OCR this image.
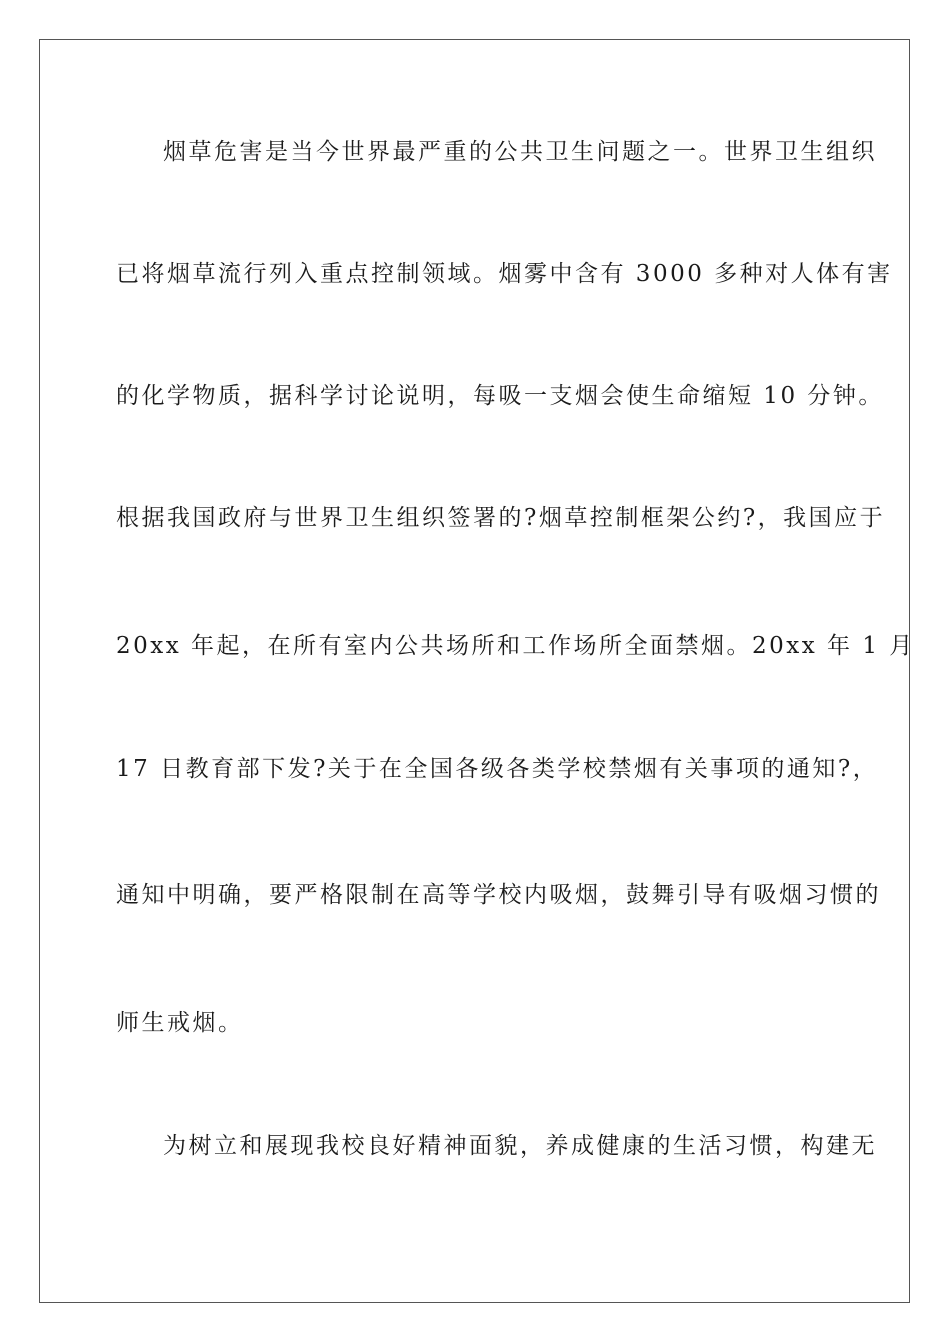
烟草危害是当今世界最严重的公共卫生问题之一。世界卫生组织
已将烟草流行列入重点控制领域。烟雾中含有 3000 多种对人体有害
的化学物质，据科学讨论说明，每吸一支烟会使生命缩短 10 分钟。
根据我国政府与世界卫生组织签署的?烟草控制框架公约?，我国应于
20xx 年起，在所有室内公共场所和工作场所全面禁烟。20xx 年 1 月
17 日教育部下发?关于在全国各级各类学校禁烟有关事项的通知?，
通知中明确，要严格限制在高等学校内吸烟，鼓舞引导有吸烟习惯的
师生戒烟。
为树立和展现我校良好精神面貌，养成健康的生活习惯，构建无
